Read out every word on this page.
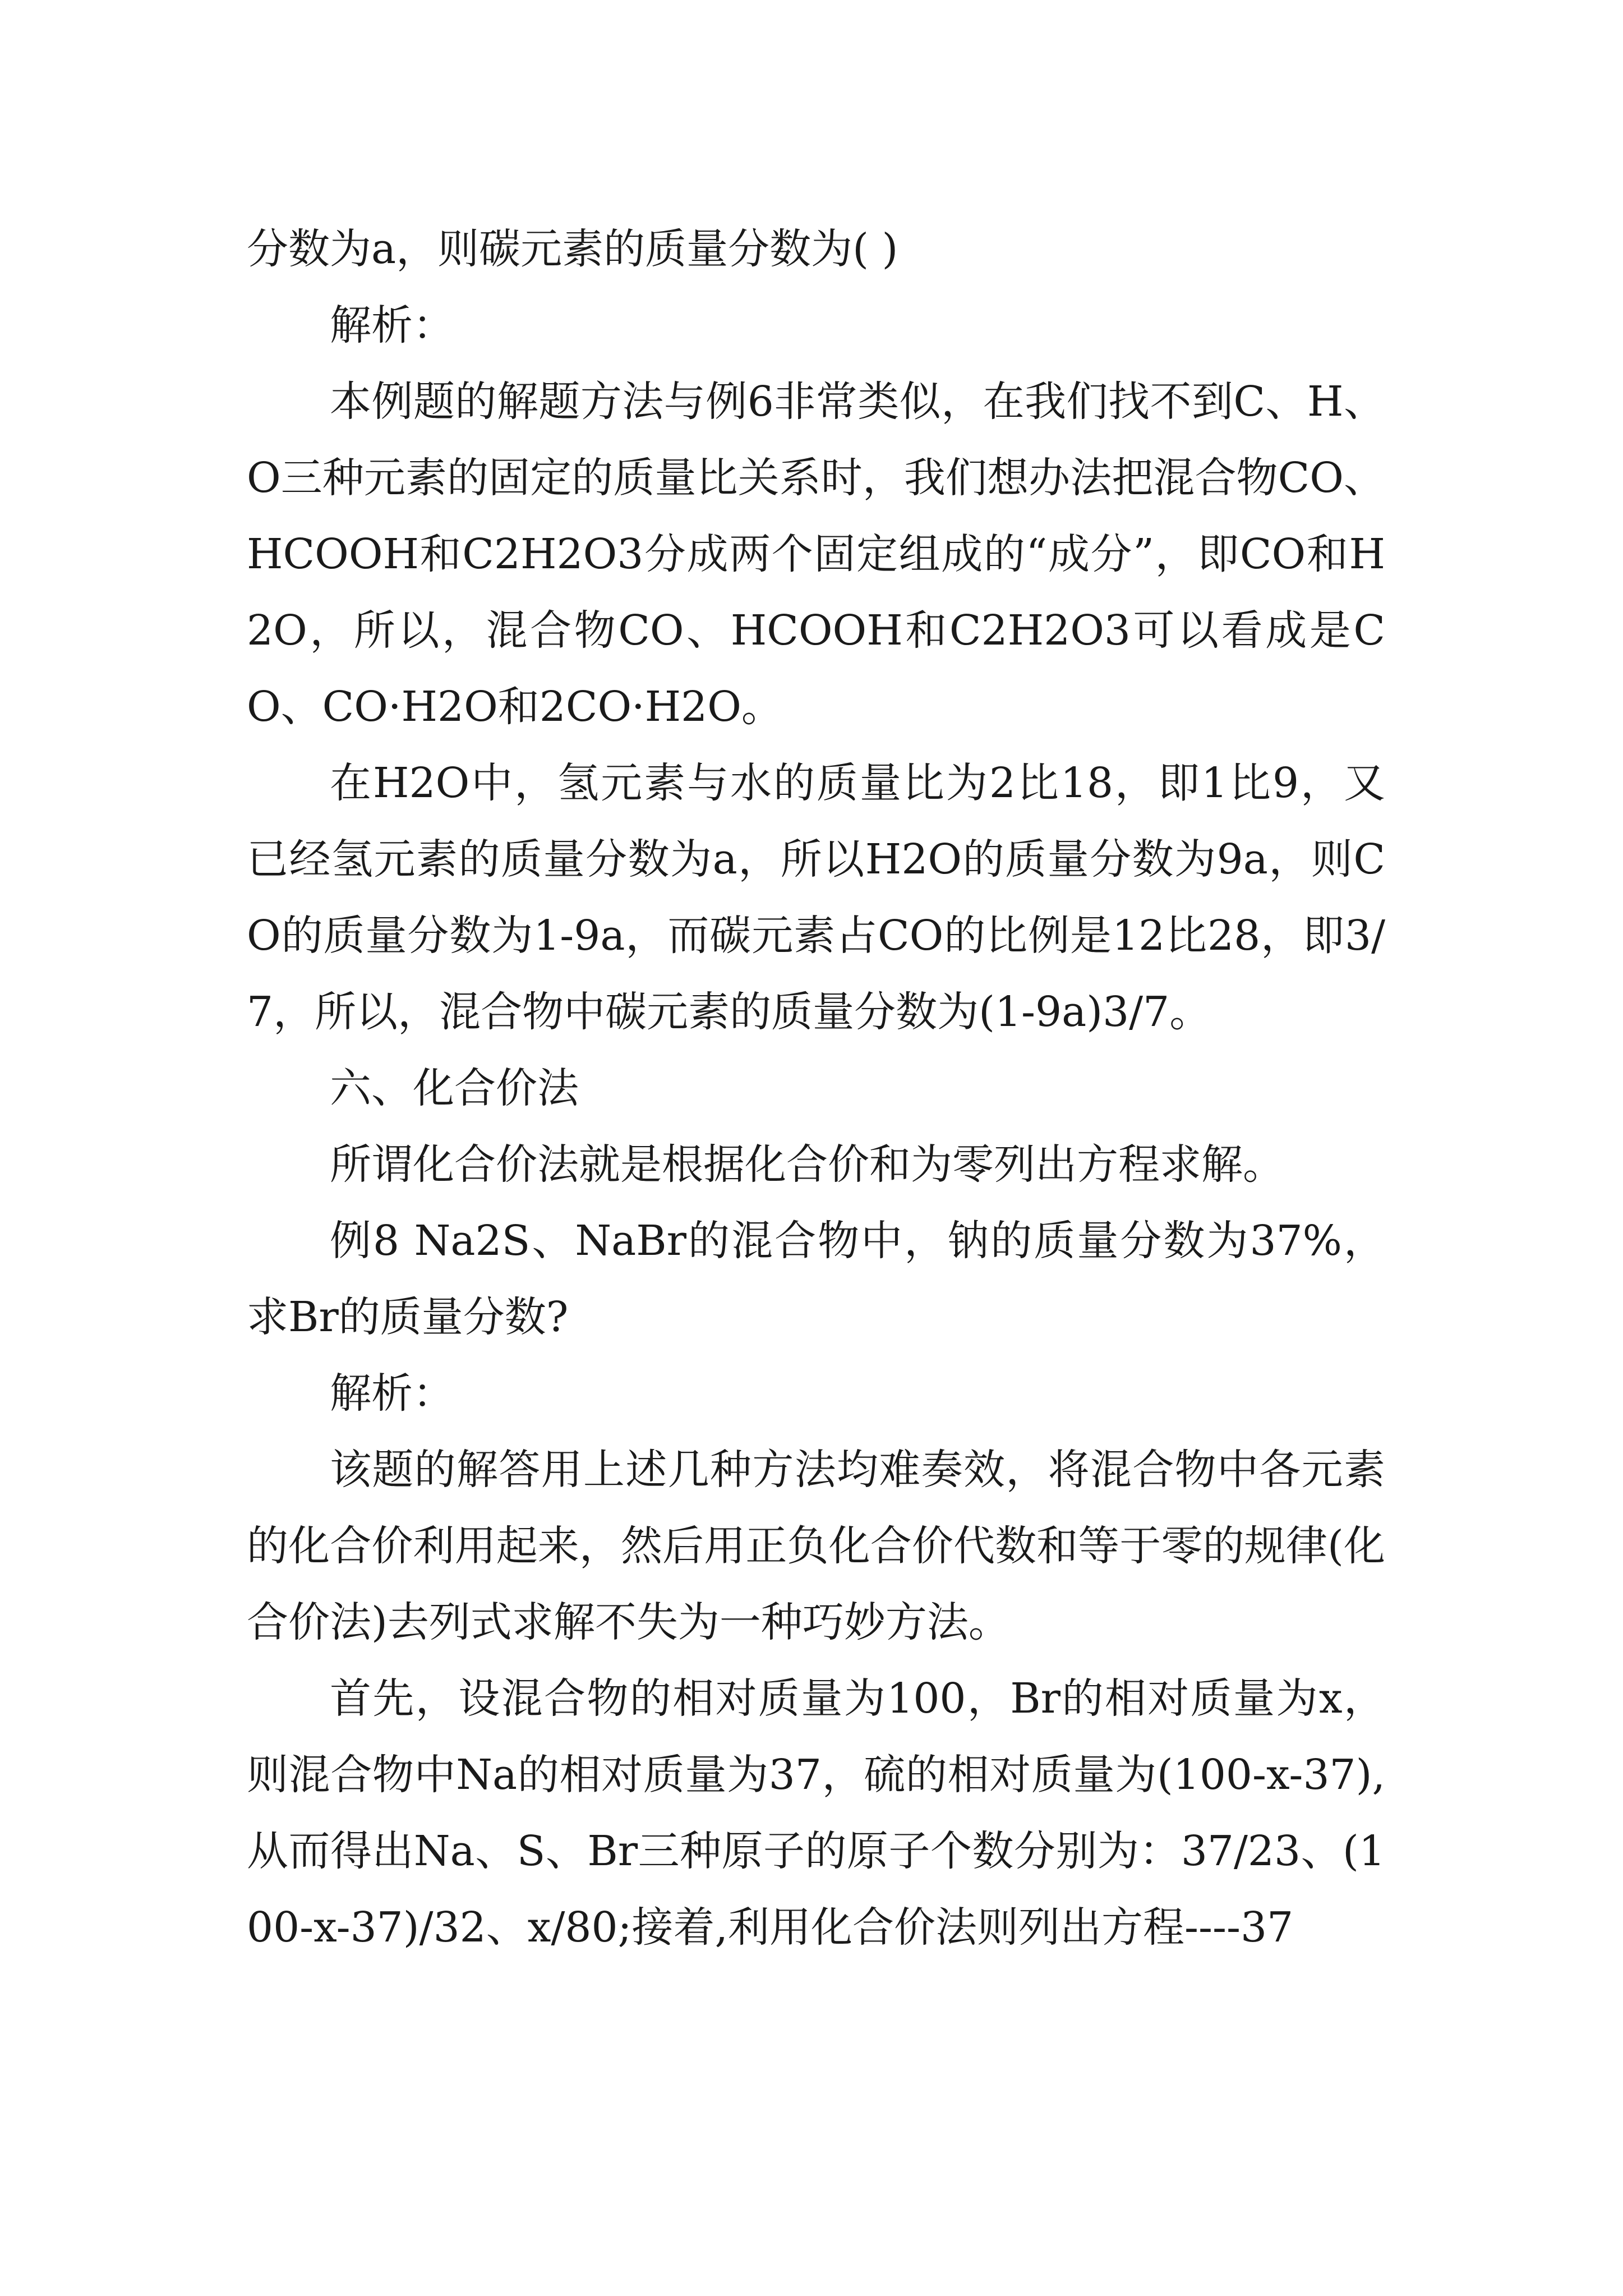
分数为a，则碳元素的质量分数为( )

解析：

本例题的解题方法与例6非常类似，在我们找不到C、H、O三种元素的固定的质量比关系时，我们想办法把混合物CO、HCOOH和C2H2O3分成两个固定组成的“成分”，即CO和H2O，所以，混合物CO、HCOOH和C2H2O3可以看成是CO、CO·H2O和2CO·H2O。

在H2O中，氢元素与水的质量比为2比18，即1比9，又已经氢元素的质量分数为a，所以H2O的质量分数为9a，则CO的质量分数为1-9a，而碳元素占CO的比例是12比28，即3/7，所以，混合物中碳元素的质量分数为(1-9a)3/7。

六、化合价法

所谓化合价法就是根据化合价和为零列出方程求解。

例8 Na2S、NaBr的混合物中，钠的质量分数为37%，求Br的质量分数?

解析：

该题的解答用上述几种方法均难奏效，将混合物中各元素的化合价利用起来，然后用正负化合价代数和等于零的规律(化合价法)去列式求解不失为一种巧妙方法。

首先，设混合物的相对质量为100，Br的相对质量为x，则混合物中Na的相对质量为37，硫的相对质量为(100-x-37),从而得出Na、S、Br三种原子的原子个数分别为：37/23、(100-x-37)/32、x/80;接着,利用化合价法则列出方程----37
